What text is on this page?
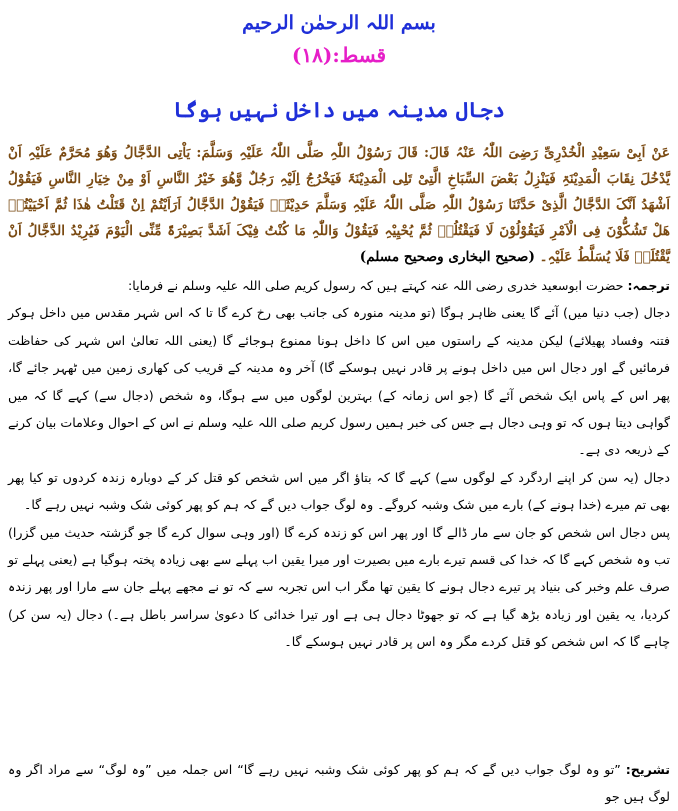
بسم اللہ الرحمٰن الرحیم
قسط:(۱۸)
دجال مدینہ میں داخل نہیں ہوگا
عَنْ اَبِیْ سَعِیْدِ الْخُدْرِیِّ رَضِیَ اللّٰہُ عَنْہُ قَالَ: قَالَ رَسُوْلُ اللّٰہِ صَلَّی اللّٰہُ عَلَیْہِ وَسَلَّمَ: یَاْتِی الدَّجَّالُ وَھُوَ مُحَرَّمٌ عَلَیْہِ اَنْ یَّدْخُلَ نِقَابَ الْمَدِیْنَۃِ فَیَنْزِلُ بَعْضَ السِّبَاخِ الَّتِیْ تَلِی الْمَدِیْنَۃَ فَیَخْرُجُ اِلَیْہِ رَجُلٌ وَّھُوَ خَیْرُ النَّاسِ اَوْ مِنْ خِیَارِ النَّاسِ فَیَقُوْلُ اَشْھَدُ اَنَّکَ الدَّجَّالُ الَّذِیْ حَدَّثَنَا رَسُوْلُ اللّٰہِ صَلَّی اللّٰہُ عَلَیْہِ وَسَلَّمَ حَدِیْثَہٗ فَیَقُوْلُ الدَّجَّالُ اَرَاَیْتُمْ اِنْ قَتَلْتُ ھٰذَا ثُمَّ اَحْیَیْتُہٗ ھَلْ تَشُکُّوْنَ فِی الْاَمْرِ فَیَقُوْلُوْنَ لَا فَیَقْتُلُہٗ ثُمَّ یُحْیِیْہِ فَیَقُوْلُ وَاللّٰہِ مَا کُنْتُ فِیْکَ اَشَدَّ بَصِیْرَۃً مِّنِّی الْیَوْمَ فَیُرِیْدُ الدَّجَّالُ اَنْ یَّقْتُلَہٗ فَلَا یُسَلَّطُ عَلَیْہِ۔ (صحیح البخاری وصحیح مسلم)

ترجمہ: حضرت ابوسعید خدری رضی اللہ عنہ کہتے ہیں کہ رسول کریم صلی اللہ علیہ وسلم نے فرمایا:

دجال (جب دنیا میں) آئے گا یعنی ظاہر ہوگا (تو مدینہ منورہ کی جانب بھی رخ کرے گا تا کہ اس شہر مقدس میں داخل ہوکر فتنہ وفساد پھیلائے) لیکن مدینہ کے راستوں میں اس کا داخل ہونا ممنوع ہوجائے گا (یعنی اللہ تعالیٰ اس شہر کی حفاظت فرمائیں گے اور دجال اس میں داخل ہونے پر قادر نہیں ہوسکے گا) آخر وہ مدینہ کے قریب کی کھاری زمین میں ٹھہر جائے گا، پھر اس کے پاس ایک شخص آئے گا (جو اس زمانہ کے) بہترین لوگوں میں سے ہوگا، وہ شخص (دجال سے) کہے گا کہ میں گواہی دیتا ہوں کہ تو وہی دجال ہے جس کی خبر ہمیں رسول کریم صلی اللہ علیہ وسلم نے اس کے احوال وعلامات بیان کرنے کے ذریعہ دی ہے۔

دجال (یہ سن کر اپنے اردگرد کے لوگوں سے) کہے گا کہ بتاؤ اگر میں اس شخص کو قتل کر کے دوبارہ زندہ کردوں تو کیا پھر بھی تم میرے (خدا ہونے کے) بارے میں شک وشبہ کروگے۔ وہ لوگ جواب دیں گے کہ ہم کو پھر کوئی شک وشبہ نہیں رہے گا۔

پس دجال اس شخص کو جان سے مار ڈالے گا اور پھر اس کو زندہ کرے گا (اور وہی سوال کرے گا جو گزشتہ حدیث میں گزرا) تب وہ شخص کہے گا کہ خدا کی قسم تیرے بارے میں بصیرت اور میرا یقین اب پہلے سے بھی زیادہ پختہ ہوگیا ہے (یعنی پہلے تو صرف علم وخبر کی بنیاد پر تیرے دجال ہونے کا یقین تھا مگر اب اس تجربہ سے کہ تو نے مجھے پہلے جان سے مارا اور پھر زندہ کردیا، یہ یقین اور زیادہ بڑھ گیا ہے کہ تو جھوٹا دجال ہی ہے اور تیرا خدائی کا دعویٰ سراسر باطل ہے۔) دجال (یہ سن کر) چاہے گا کہ اس شخص کو قتل کردے مگر وہ اس پر قادر نہیں ہوسکے گا۔

تشریح: ”تو وہ لوگ جواب دیں گے کہ ہم کو پھر کوئی شک وشبہ نہیں رہے گا“ اس جملہ میں ”وہ لوگ“ سے مراد اگر وہ لوگ ہیں جو
